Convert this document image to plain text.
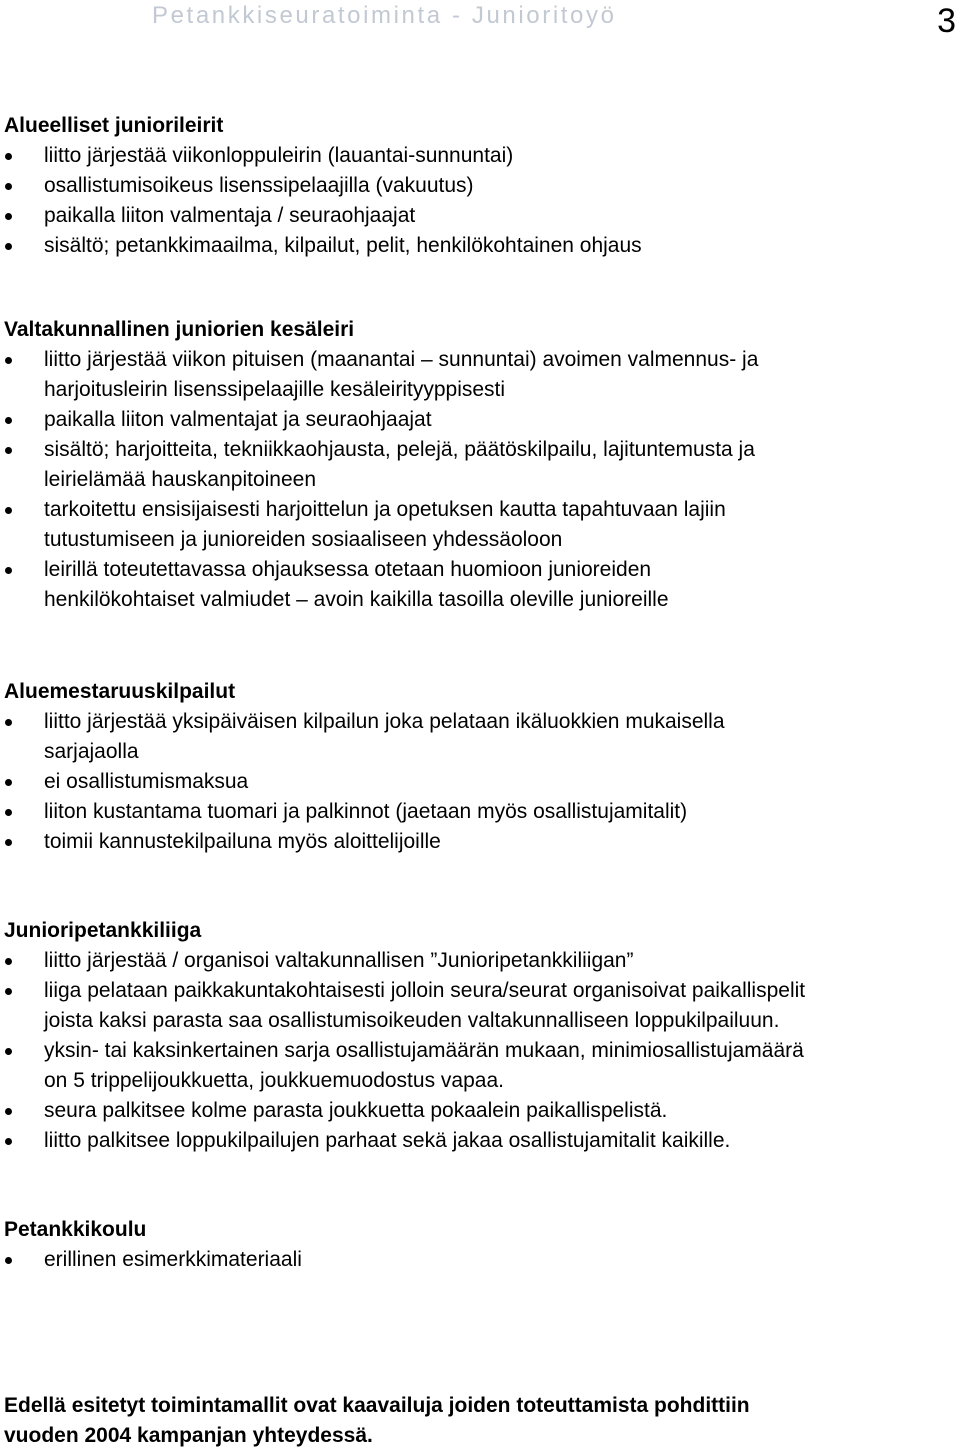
Petankkiseuratoiminta - Junioritoyö	3
Alueelliset juniorileirit
liitto järjestää viikonloppuleirin (lauantai-sunnuntai)
osallistumisoikeus lisenssipelaajilla (vakuutus)
paikalla liiton valmentaja / seuraohjaajat
sisältö; petankkimaailma, kilpailut, pelit, henkilökohtainen ohjaus
Valtakunnallinen juniorien kesäleiri
liitto järjestää viikon pituisen (maanantai – sunnuntai) avoimen valmennus- ja
harjoitusleirin lisenssipelaajille kesäleirityyppisesti
paikalla liiton valmentajat ja seuraohjaajat
sisältö; harjoitteita, tekniikkaohjausta, pelejä, päätöskilpailu, lajituntemusta ja
leirielämää hauskanpitoineen
tarkoitettu ensisijaisesti harjoittelun ja opetuksen kautta tapahtuvaan lajiin
tutustumiseen ja junioreiden sosiaaliseen yhdessäoloon
leirillä toteutettavassa ohjauksessa otetaan huomioon junioreiden
henkilökohtaiset valmiudet – avoin kaikilla tasoilla oleville junioreille
Aluemestaruuskilpailut
liitto järjestää yksipäiväisen kilpailun joka pelataan ikäluokkien mukaisella
sarjajaolla
ei osallistumismaksua
liiton kustantama tuomari ja palkinnot (jaetaan myös osallistujamitalit)
toimii kannustekilpailuna myös aloittelijoille
Junioripetankkiliiga
liitto järjestää / organisoi valtakunnallisen ”Junioripetankkiliigan”
liiga pelataan paikkakuntakohtaisesti jolloin seura/seurat organisoivat paikallispelit
joista kaksi parasta saa osallistumisoikeuden valtakunnalliseen loppukilpailuun.
yksin- tai kaksinkertainen sarja osallistujamäärän mukaan, minimiosallistujamäärä
on 5 trippelijoukkuetta, joukkuemuodostus vapaa.
seura palkitsee kolme parasta joukkuetta pokaalein paikallispelistä.
liitto palkitsee loppukilpailujen parhaat sekä jakaa osallistujamitalit kaikille.
Petankkikoulu
erillinen esimerkkimateriaali
Edellä esitetyt toimintamallit ovat kaavailuja joiden toteuttamista pohdittiin
vuoden 2004 kampanjan yhteydessä.
